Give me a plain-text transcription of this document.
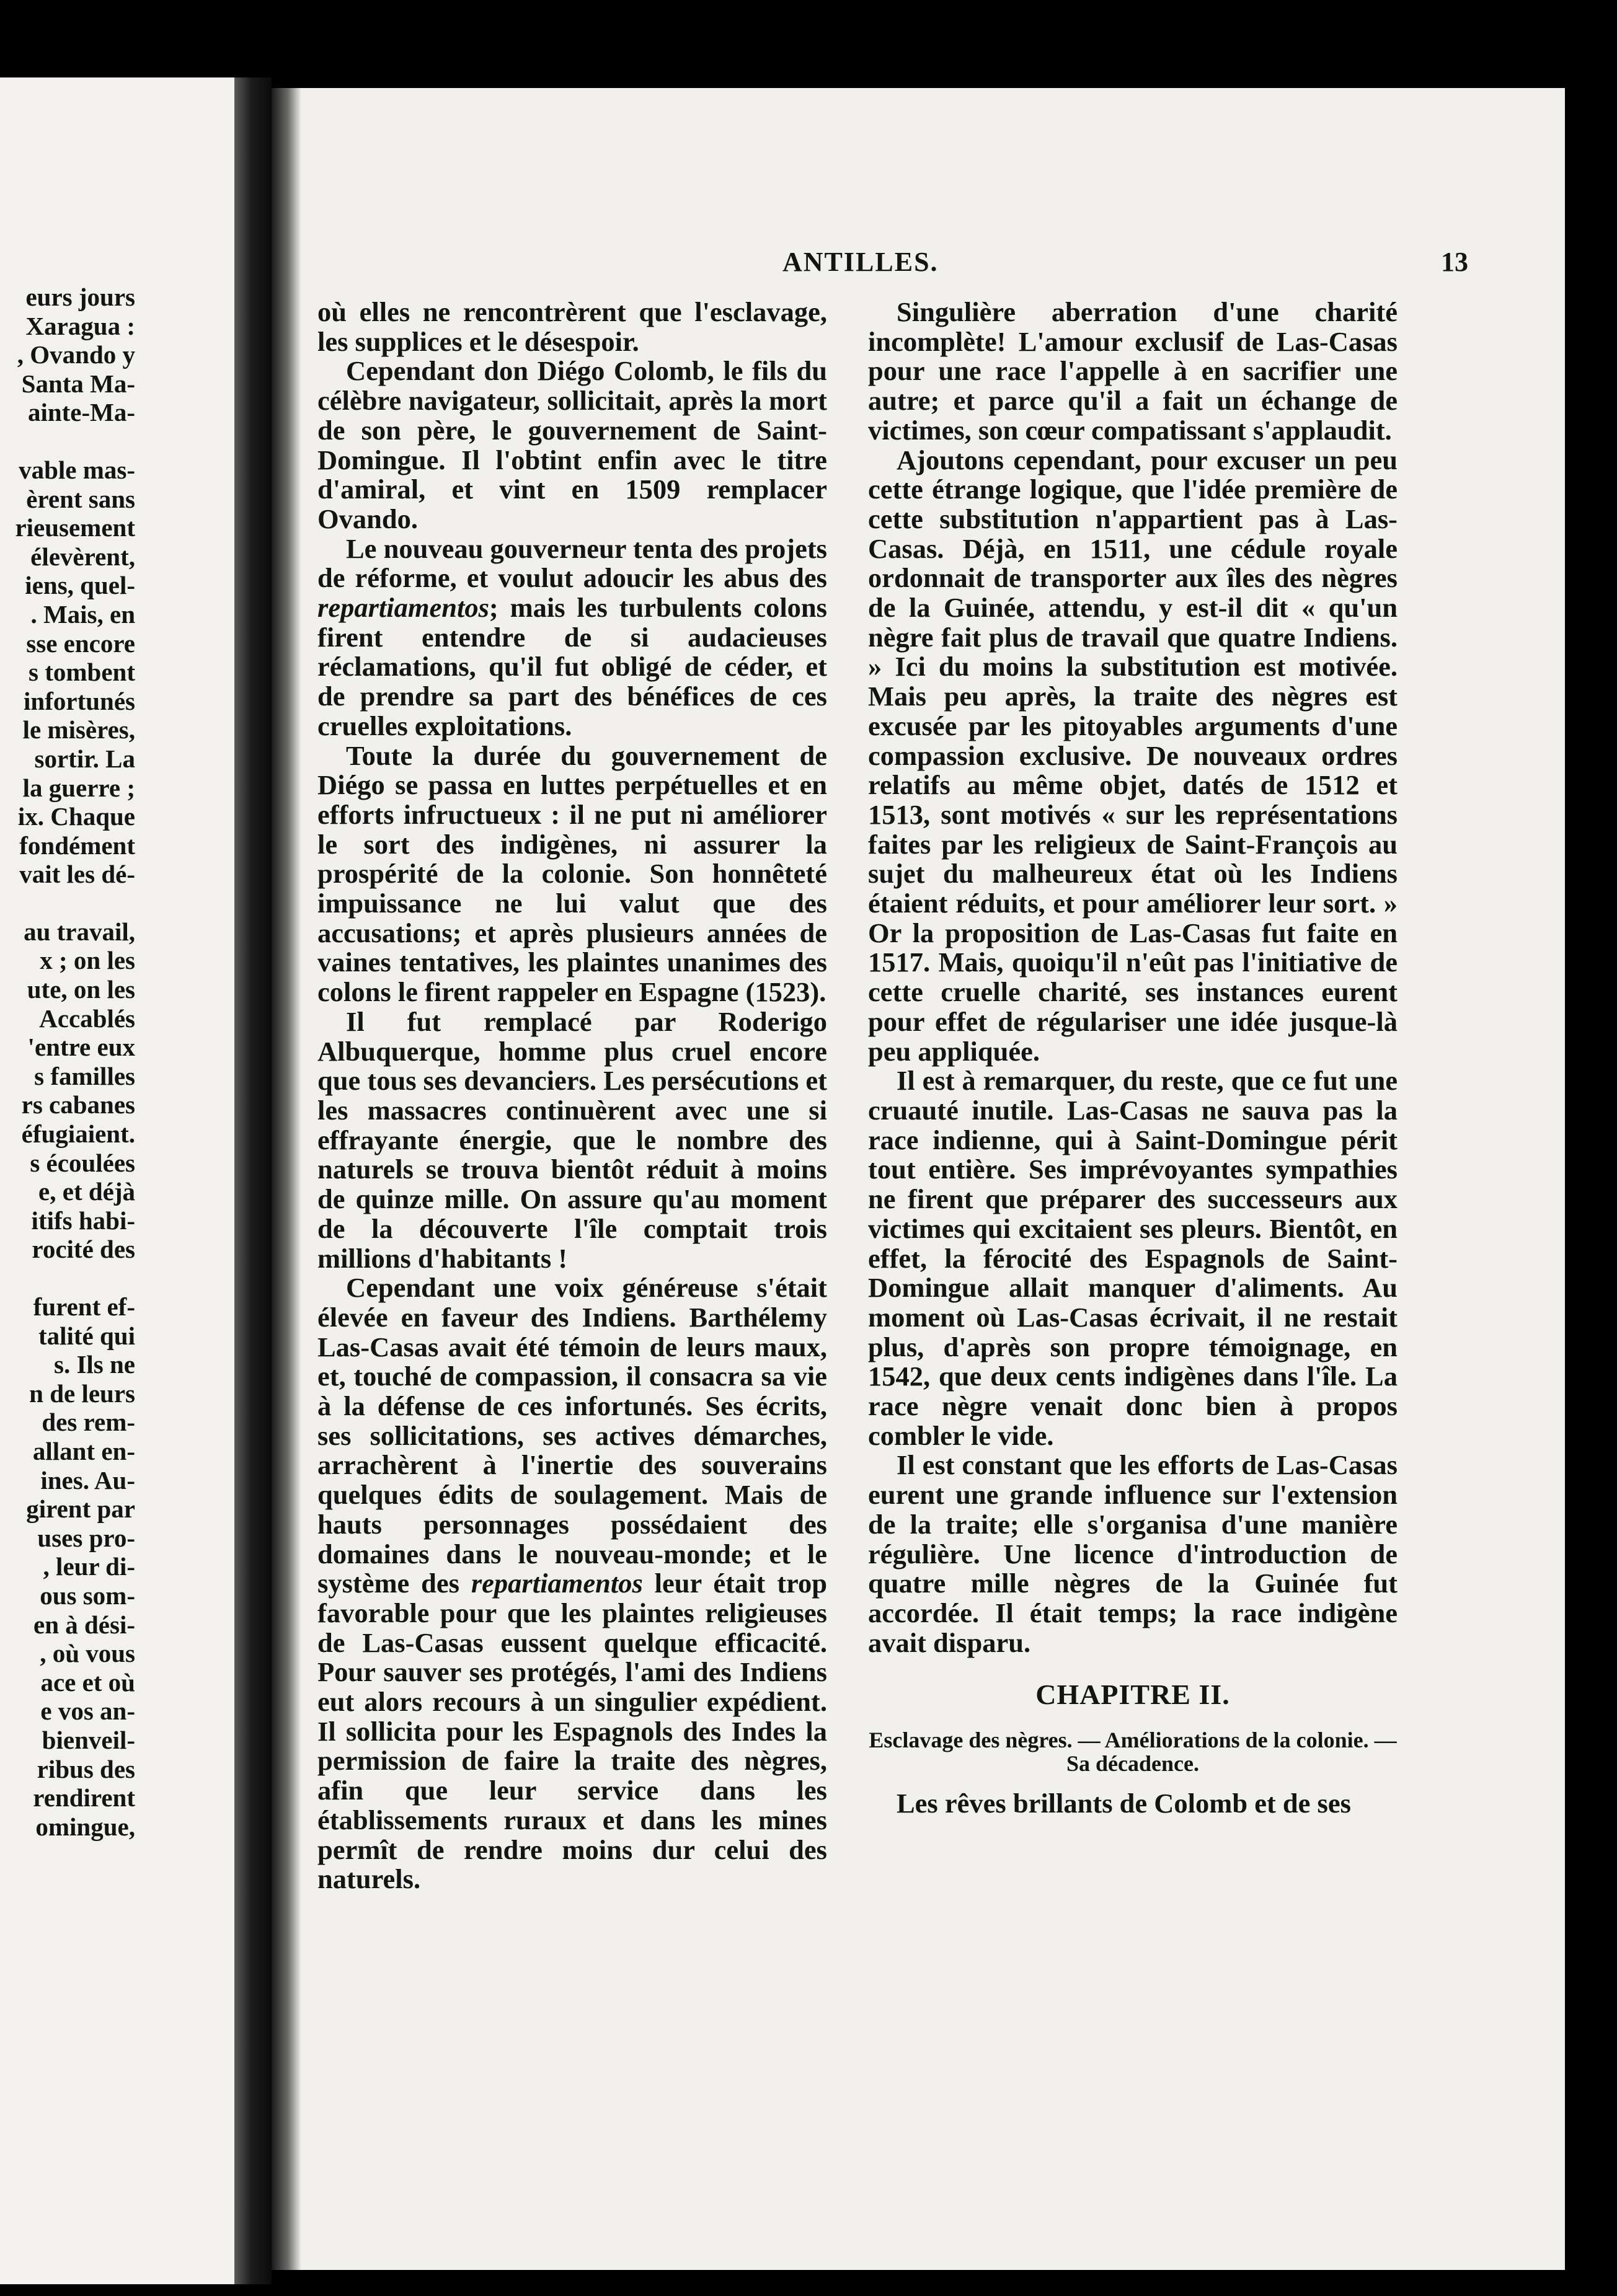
eurs jours
Xaragua :
, Ovando y
Santa Ma-
ainte-Ma-
vable mas-
èrent sans
rieusement
élevèrent,
iens, quel-
. Mais, en
sse encore
s tombent
infortunés
le misères,
sortir. La
la guerre ;
ix. Chaque
fondément
vait les dé-
au travail,
x ; on les
ute, on les
Accablés
'entre eux
s familles
rs cabanes
éfugiaient.
s écoulées
e, et déjà
itifs habi-
rocité des
furent ef-
talité qui
s. Ils ne
n de leurs
des rem-
allant en-
ines. Au-
girent par
uses pro-
, leur di-
ous som-
en à dési-
, où vous
ace et où
e vos an-
bienveil-
ribus des
rendirent
omingue,
ANTILLES.	13

où elles ne rencontrèrent que l'esclavage, les supplices et le désespoir.

Cependant don Diégo Colomb, le fils du célèbre navigateur, sollicitait, après la mort de son père, le gouvernement de Saint-Domingue. Il l'obtint enfin avec le titre d'amiral, et vint en 1509 remplacer Ovando.

Le nouveau gouverneur tenta des projets de réforme, et voulut adoucir les abus des repartiamentos; mais les turbulents colons firent entendre de si audacieuses réclamations, qu'il fut obligé de céder, et de prendre sa part des bénéfices de ces cruelles exploitations.

Toute la durée du gouvernement de Diégo se passa en luttes perpétuelles et en efforts infructueux : il ne put ni améliorer le sort des indigènes, ni assurer la prospérité de la colonie. Son honnêteté impuissance ne lui valut que des accusations; et après plusieurs années de vaines tentatives, les plaintes unanimes des colons le firent rappeler en Espagne (1523).

Il fut remplacé par Roderigo Albuquerque, homme plus cruel encore que tous ses devanciers. Les persécutions et les massacres continuèrent avec une si effrayante énergie, que le nombre des naturels se trouva bientôt réduit à moins de quinze mille. On assure qu'au moment de la découverte l'île comptait trois millions d'habitants !

Cependant une voix généreuse s'était élevée en faveur des Indiens. Barthélemy Las-Casas avait été témoin de leurs maux, et, touché de compassion, il consacra sa vie à la défense de ces infortunés. Ses écrits, ses sollicitations, ses actives démarches, arrachèrent à l'inertie des souverains quelques édits de soulagement. Mais de hauts personnages possédaient des domaines dans le nouveau-monde; et le système des repartiamentos leur était trop favorable pour que les plaintes religieuses de Las-Casas eussent quelque efficacité. Pour sauver ses protégés, l'ami des Indiens eut alors recours à un singulier expédient. Il sollicita pour les Espagnols des Indes la permission de faire la traite des nègres, afin que leur service dans les établissements ruraux et dans les mines permît de rendre moins dur celui des naturels.

Singulière aberration d'une charité incomplète! L'amour exclusif de Las-Casas pour une race l'appelle à en sacrifier une autre; et parce qu'il a fait un échange de victimes, son cœur compatissant s'applaudit.

Ajoutons cependant, pour excuser un peu cette étrange logique, que l'idée première de cette substitution n'appartient pas à Las-Casas. Déjà, en 1511, une cédule royale ordonnait de transporter aux îles des nègres de la Guinée, attendu, y est-il dit « qu'un nègre fait plus de travail que quatre Indiens. » Ici du moins la substitution est motivée. Mais peu après, la traite des nègres est excusée par les pitoyables arguments d'une compassion exclusive. De nouveaux ordres relatifs au même objet, datés de 1512 et 1513, sont motivés « sur les représentations faites par les religieux de Saint-François au sujet du malheureux état où les Indiens étaient réduits, et pour améliorer leur sort. » Or la proposition de Las-Casas fut faite en 1517. Mais, quoiqu'il n'eût pas l'initiative de cette cruelle charité, ses instances eurent pour effet de régulariser une idée jusque-là peu appliquée.

Il est à remarquer, du reste, que ce fut une cruauté inutile. Las-Casas ne sauva pas la race indienne, qui à Saint-Domingue périt tout entière. Ses imprévoyantes sympathies ne firent que préparer des successeurs aux victimes qui excitaient ses pleurs. Bientôt, en effet, la férocité des Espagnols de Saint-Domingue allait manquer d'aliments. Au moment où Las-Casas écrivait, il ne restait plus, d'après son propre témoignage, en 1542, que deux cents indigènes dans l'île. La race nègre venait donc bien à propos combler le vide.

Il est constant que les efforts de Las-Casas eurent une grande influence sur l'extension de la traite; elle s'organisa d'une manière régulière. Une licence d'introduction de quatre mille nègres de la Guinée fut accordée. Il était temps; la race indigène avait disparu.

CHAPITRE II.
Esclavage des nègres. — Améliorations de la colonie. — Sa décadence.

Les rêves brillants de Colomb et de ses
